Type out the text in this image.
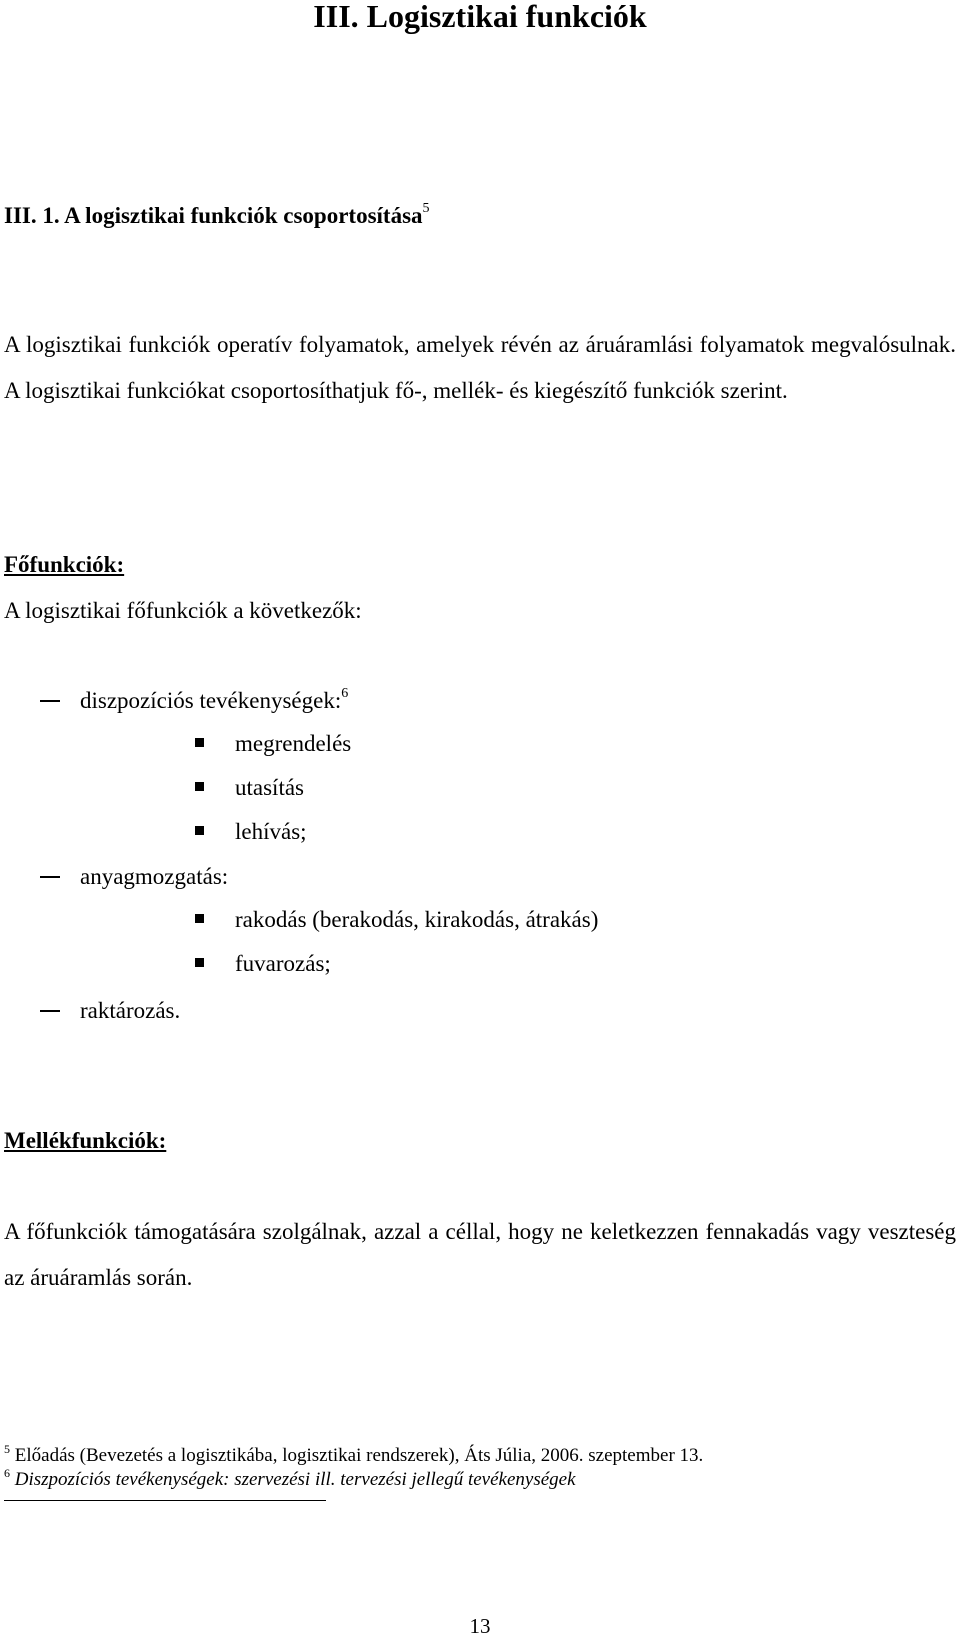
III. Logisztikai funkciók
III. 1. A logisztikai funkciók csoportosítása$^5$
A logisztikai funkciók operatív folyamatok, amelyek révén az áruáramlási folyamatok megvalósulnak. A logisztikai funkciókat csoportosíthatjuk fő-, mellék- és kiegészítő funkciók szerint.
Főfunkciók:
A logisztikai főfunkciók a következők:
diszpozíciós tevékenységek:$^6$
megrendelés
utasítás
lehívás;
anyagmozgatás:
rakodás (berakodás, kirakodás, átrakás)
fuvarozás;
raktározás.
Mellékfunkciók:
A főfunkciók támogatására szolgálnak, azzal a céllal, hogy ne keletkezzen fennakadás vagy veszteség az áruáramlás során.
$^5$ Előadás (Bevezetés a logisztikába, logisztikai rendszerek), Áts Júlia, 2006. szeptember 13.
$^6$ Diszpozíciós tevékenységek: szervezési ill. tervezési jellegű tevékenységek
13
